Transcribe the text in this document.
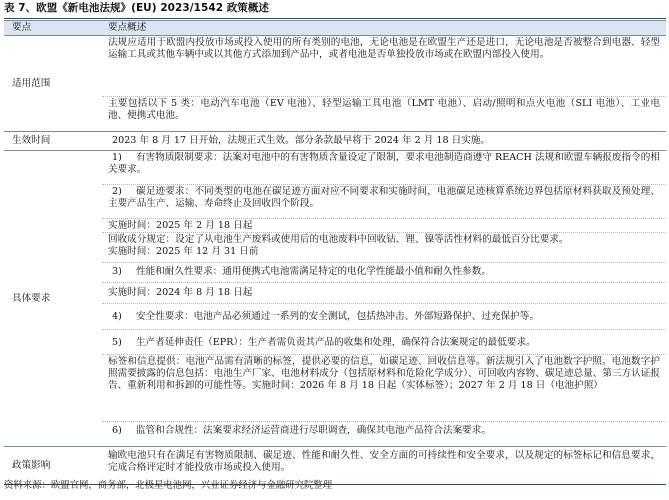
表 7、欧盟《新电池法规》(EU) 2023/1542 政策概述
要点	要点概述
适用范围
法规应适用于欧盟内投放市场或投入使用的所有类别的电池，无论电池是在欧盟生产还是进口，无论电池是否被整合到电器、轻型运输工具或其他车辆中或以其他方式添加到产品中，或者电池是否单独投放市场或在欧盟内部投入使用。
主要包括以下 5 类：电动汽车电池（EV 电池）、轻型运输工具电池（LMT 电池）、启动/照明和点火电池（SLI 电池）、工业电池、便携式电池。
生效时间	2023 年 8 月 17 日开始，法规正式生效。部分条款最早将于 2024 年 2 月 18 日实施。
具体要求
1) 有害物质限制要求：法案对电池中的有害物质含量设定了限制，要求电池制造商遵守 REACH 法规和欧盟车辆报废指令的相关要求。
2) 碳足迹要求：不同类型的电池在碳足迹方面对应不同要求和实施时间，电池碳足迹核算系统边界包括原材料获取及预处理、主要产品生产、运输、寿命终止及回收四个阶段。
实施时间：2025 年 2 月 18 日起

回收成分规定：设定了从电池生产废料或使用后的电池废料中回收钴、锂、镍等活性材料的最低百分比要求。

实施时间：2025 年 12 月 31 日前

3) 性能和耐久性要求：通用便携式电池需满足特定的电化学性能最小值和耐久性参数。
实施时间：2024 年 8 月 18 日起
4) 安全性要求：电池产品必须通过一系列的安全测试，包括热冲击、外部短路保护、过充保护等。
5) 生产者延伸责任（EPR）：生产者需负责其产品的收集和处理，确保符合法案规定的最低要求。
标签和信息提供：电池产品需有清晰的标签，提供必要的信息，如碳足迹、回收信息等。新法规引入了电池数字护照。电池数字护照需要披露的信息包括：电池生产厂家、电池材料成分（包括原材料和危险化学成分）、可回收内容物、碳足迹总量、第三方认证报告、重新利用和拆卸的可能性等。实施时间：2026 年 8 月 18 日起（实体标签）；2027 年 2 月 18 日（电池护照）
6) 监管和合规性：法案要求经济运营商进行尽职调查，确保其电池产品符合法案要求。
政策影响
输欧电池只有在满足有害物质限制、碳足迹、性能和耐久性、安全方面的可持续性和安全要求，以及规定的标签标记和信息要求，完成合格评定时才能投放市场或投入使用。
资料来源：欧盟官网，商务部，北极星电池网，兴业证券经济与金融研究院整理
